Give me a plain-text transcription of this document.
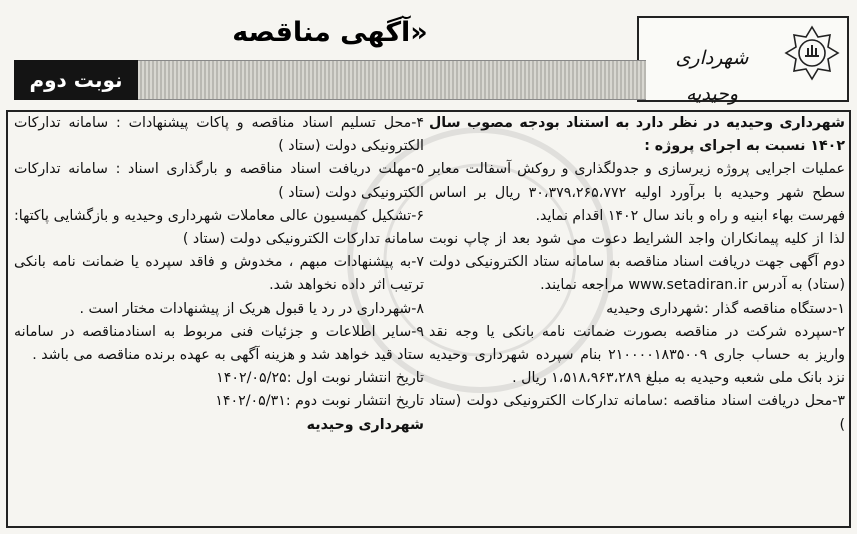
«آگهی مناقصه
شهرداری وحیدیه
نوبت دوم

شهرداری وحیدیه در نظر دارد به استناد بودجه مصوب سال ۱۴۰۲ نسبت به اجرای پروژه :

عملیات اجرایی پروژه زیرسازی و جدولگذاری و روکش آسفالت معابر سطح شهر وحیدیه با برآورد اولیه ۳۰،۳۷۹،۲۶۵،۷۷۲ ریال بر اساس فهرست بهاء ابنیه و راه و باند سال ۱۴۰۲ اقدام نماید.

لذا از کلیه پیمانکاران واجد الشرایط دعوت می شود بعد از چاپ نوبت دوم آگهی جهت دریافت اسناد مناقصه به سامانه ستاد الکترونیکی دولت (ستاد) به آدرس www.setadiran.ir مراجعه نمایند.

۱-دستگاه مناقصه گذار :شهرداری وحیدیه

۲-سپرده شرکت در مناقصه بصورت ضمانت نامه بانکی یا وجه نقد واریز به حساب جاری ۲۱۰۰۰۰۱۸۳۵۰۰۹ بنام سپرده شهرداری وحیدیه نزد بانک ملی شعبه وحیدیه به مبلغ ۱،۵۱۸،۹۶۳،۲۸۹ ریال .

۳-محل دریافت اسناد مناقصه :سامانه تدارکات الکترونیکی دولت (ستاد )

۴-محل تسلیم اسناد مناقصه و پاکات پیشنهادات : سامانه تدارکات الکترونیکی دولت (ستاد )

۵-مهلت دریافت اسناد مناقصه و بارگذاری اسناد : سامانه تدارکات الکترونیکی دولت (ستاد )

۶-تشکیل کمیسیون عالی معاملات شهرداری وحیدیه و بازگشایی پاکتها: سامانه تدارکات الکترونیکی دولت (ستاد )

۷-به پیشنهادات مبهم ، مخدوش و فاقد سپرده یا ضمانت نامه بانکی ترتیب اثر داده نخواهد شد.

۸-شهرداری در رد یا قبول هریک از پیشنهادات مختار است .

۹-سایر اطلاعات و جزئیات فنی مربوط به اسنادمناقصه در سامانه ستاد قید خواهد شد و هزینه آگهی به عهده برنده مناقصه می باشد .

تاریخ انتشار نوبت اول :۱۴۰۲/۰۵/۲۵

تاریخ انتشار نوبت دوم :۱۴۰۲/۰۵/۳۱

شهرداری وحیدیه
